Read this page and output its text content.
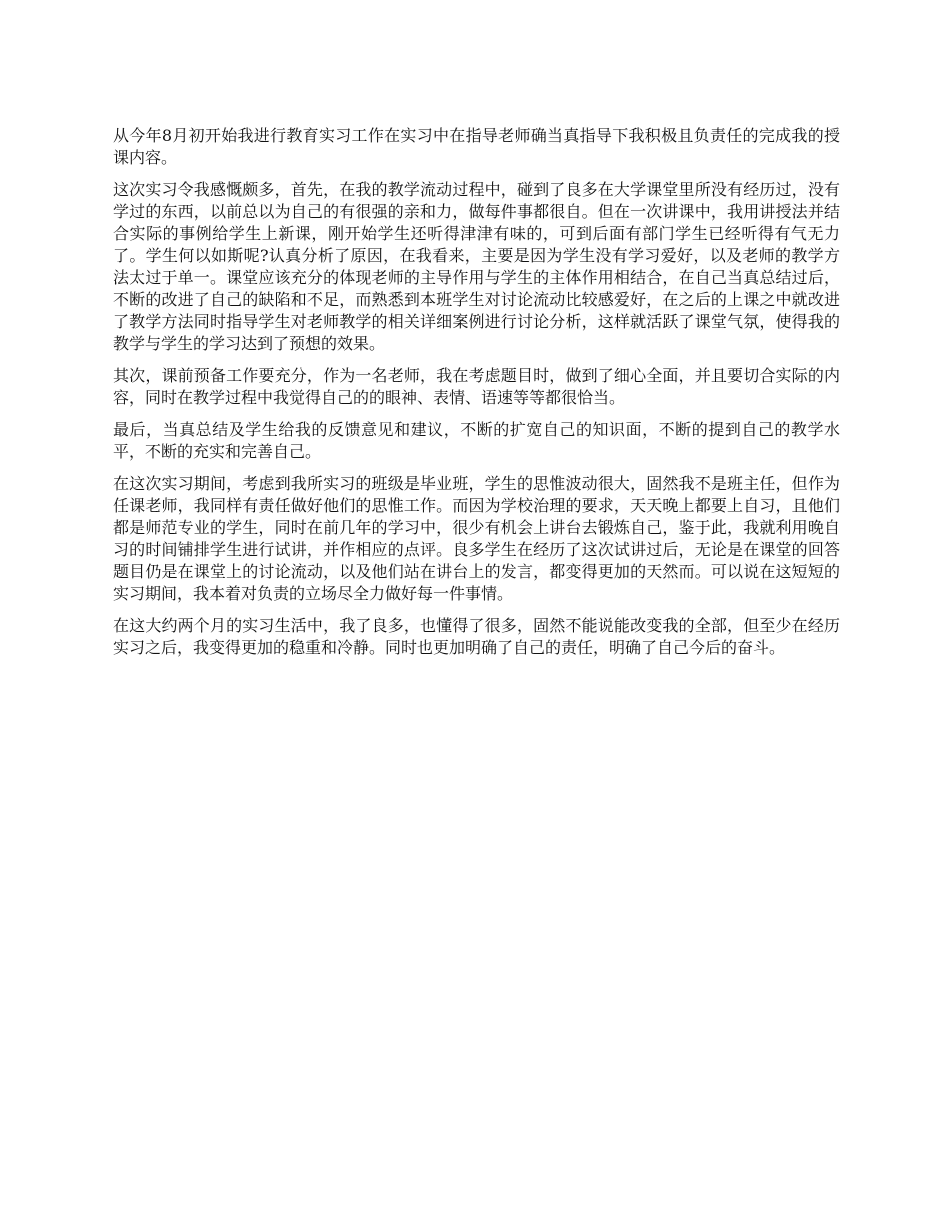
从今年8月初开始我进行教育实习工作在实习中在指导老师确当真指导下我积极且负责任的完成我的授课内容。

这次实习令我感慨颇多，首先，在我的教学流动过程中，碰到了良多在大学课堂里所没有经历过，没有学过的东西，以前总以为自己的有很强的亲和力，做每件事都很自。但在一次讲课中，我用讲授法并结合实际的事例给学生上新课，刚开始学生还听得津津有味的，可到后面有部门学生已经听得有气无力了。学生何以如斯呢?认真分析了原因，在我看来，主要是因为学生没有学习爱好，以及老师的教学方法太过于单一。课堂应该充分的体现老师的主导作用与学生的主体作用相结合，在自己当真总结过后，不断的改进了自己的缺陷和不足，而熟悉到本班学生对讨论流动比较感爱好，在之后的上课之中就改进了教学方法同时指导学生对老师教学的相关详细案例进行讨论分析，这样就活跃了课堂气氛，使得我的教学与学生的学习达到了预想的效果。

其次，课前预备工作要充分，作为一名老师，我在考虑题目时，做到了细心全面，并且要切合实际的内容，同时在教学过程中我觉得自己的的眼神、表情、语速等等都很恰当。

最后，当真总结及学生给我的反馈意见和建议，不断的扩宽自己的知识面，不断的提到自己的教学水平，不断的充实和完善自己。

在这次实习期间，考虑到我所实习的班级是毕业班，学生的思惟波动很大，固然我不是班主任，但作为任课老师，我同样有责任做好他们的思惟工作。而因为学校治理的要求，天天晚上都要上自习，且他们都是师范专业的学生，同时在前几年的学习中，很少有机会上讲台去锻炼自己，鉴于此，我就利用晚自习的时间铺排学生进行试讲，并作相应的点评。良多学生在经历了这次试讲过后，无论是在课堂的回答题目仍是在课堂上的讨论流动，以及他们站在讲台上的发言，都变得更加的天然而。可以说在这短短的实习期间，我本着对负责的立场尽全力做好每一件事情。

在这大约两个月的实习生活中，我了良多，也懂得了很多，固然不能说能改变我的全部，但至少在经历实习之后，我变得更加的稳重和冷静。同时也更加明确了自己的责任，明确了自己今后的奋斗。
